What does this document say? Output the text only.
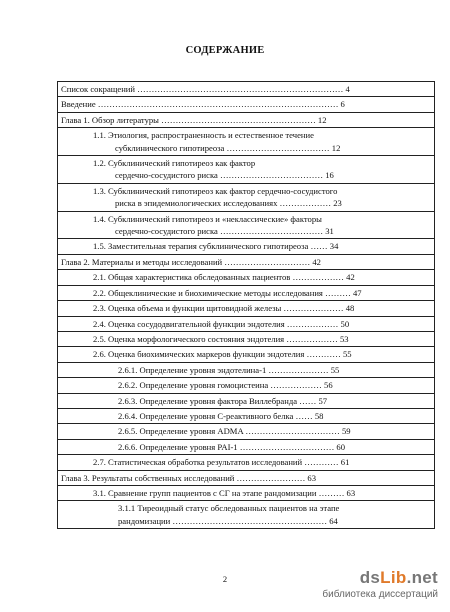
СОДЕРЖАНИЕ
Список сокращений ……………………………………………………………… 4

Введение ………………………………………………………………………… 6

Глава 1. Обзор литературы ……………………………………………… 12

1.1. Этиология, распространенность и естественное течение
субклинического гипотиреоза ……………………………… 12

1.2. Субклинический гипотиреоз как фактор
сердечно-сосудистого риска ……………………………… 16

1.3. Субклинический гипотиреоз как фактор сердечно-сосудистого
риска в эпидемиологических исследованиях ……………… 23

1.4. Субклинический гипотиреоз и «неклассические» факторы
сердечно-сосудистого риска ……………………………… 31

1.5. Заместительная терапия субклинического гипотиреоза …… 34

Глава 2. Материалы и методы исследований ………………………… 42

2.1. Общая характеристика обследованных пациентов ……………… 42

2.2. Общеклинические и биохимические методы исследования ……… 47

2.3. Оценка объема и функции щитовидной железы ………………… 48

2.4. Оценка сосудодвигательной функции эндотелия ……………… 50

2.5. Оценка морфологического состояния эндотелия ……………… 53

2.6. Оценка биохимических маркеров функции эндотелия ………… 55

2.6.1. Определение уровня эндотелина-1 ………………… 55

2.6.2. Определение уровня гомоцистеина ……………… 56

2.6.3. Определение уровня фактора Виллебранда …… 57

2.6.4. Определение уровня С-реактивного белка …… 58

2.6.5. Определение уровня ADMA …………………………… 59

2.6.6. Определение уровня PAI-1 …………………………… 60

2.7. Статистическая обработка результатов исследований ………… 61

Глава 3. Результаты собственных исследований …………………… 63

3.1. Сравнение групп пациентов с СГ на этапе рандомизации ……… 63

3.1.1 Тиреоидный статус обследованных пациентов на этапе
рандомизации ……………………………………………… 64
2	dsLib.net
библиотека диссертаций
